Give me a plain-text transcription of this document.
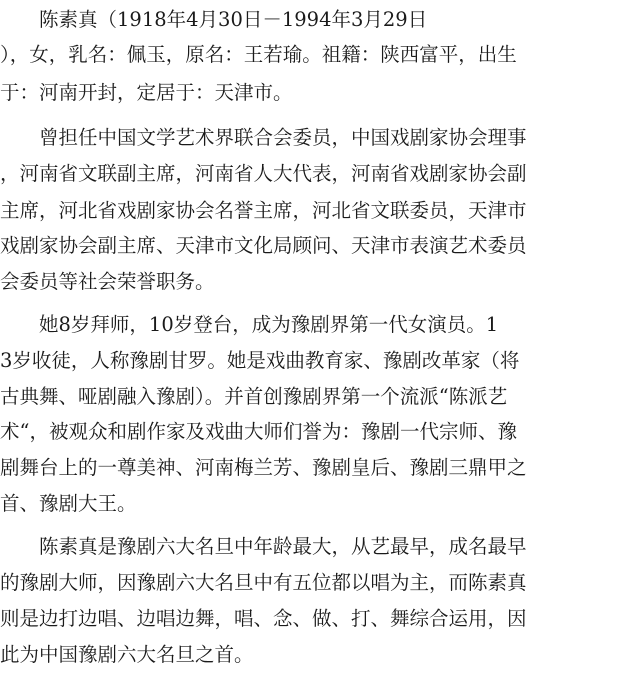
　　陈素真（1918年4月30日－1994年3月29日
），女，乳名：佩玉，原名：王若瑜。祖籍：陕西富平，出生
于：河南开封，定居于：天津市。
　　曾担任中国文学艺术界联合会委员，中国戏剧家协会理事
，河南省文联副主席，河南省人大代表，河南省戏剧家协会副
主席，河北省戏剧家协会名誉主席，河北省文联委员，天津市
戏剧家协会副主席、天津市文化局顾问、天津市表演艺术委员
会委员等社会荣誉职务。
　　她8岁拜师，10岁登台，成为豫剧界第一代女演员。1
3岁收徒，人称豫剧甘罗。她是戏曲教育家、豫剧改革家（将
古典舞、哑剧融入豫剧）。并首创豫剧界第一个流派“陈派艺
术“，被观众和剧作家及戏曲大师们誉为：豫剧一代宗师、豫
剧舞台上的一尊美神、河南梅兰芳、豫剧皇后、豫剧三鼎甲之
首、豫剧大王。
　　陈素真是豫剧六大名旦中年龄最大，从艺最早，成名最早
的豫剧大师，因豫剧六大名旦中有五位都以唱为主，而陈素真
则是边打边唱、边唱边舞，唱、念、做、打、舞综合运用，因
此为中国豫剧六大名旦之首。
